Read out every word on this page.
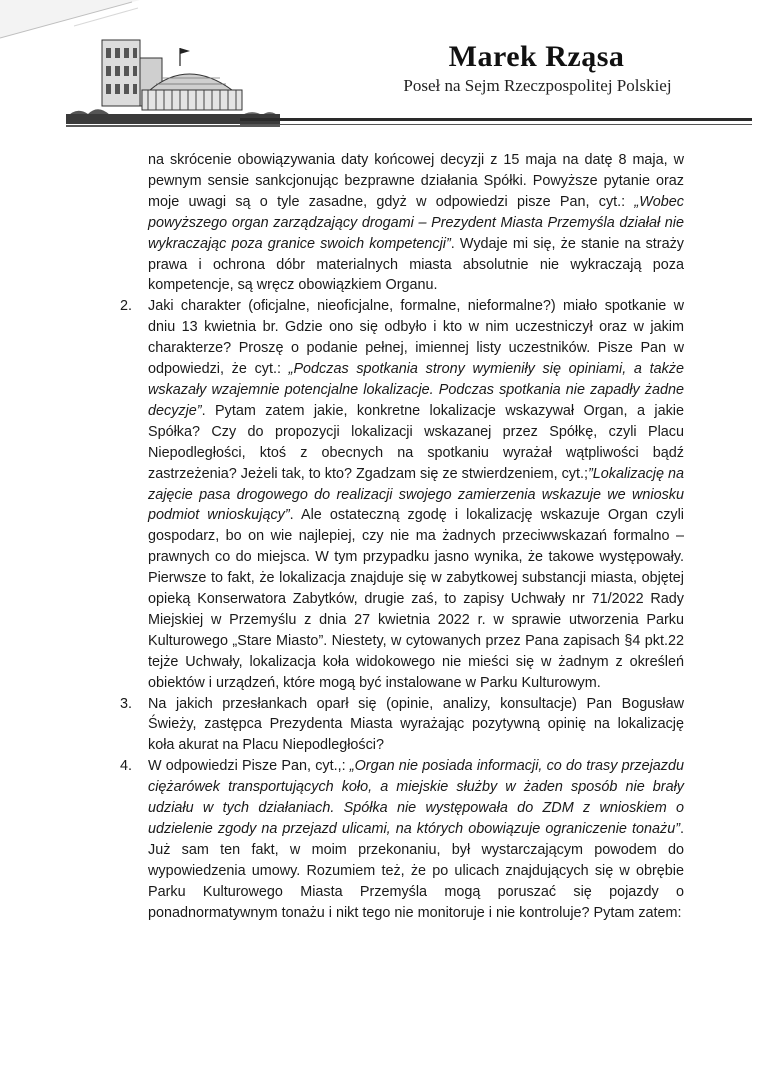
Marek Rząsa
Poseł na Sejm Rzeczpospolitej Polskiej

na skrócenie obowiązywania daty końcowej decyzji z 15 maja na datę 8 maja, w pewnym sensie sankcjonując bezprawne działania Spółki. Powyższe pytanie oraz moje uwagi są o tyle zasadne, gdyż w odpowiedzi pisze Pan, cyt.: „Wobec powyższego organ zarządzający drogami – Prezydent Miasta Przemyśla działał nie wykraczając poza granice swoich kompetencji”. Wydaje mi się, że stanie na straży prawa i ochrona dóbr materialnych miasta absolutnie nie wykraczają poza kompetencje, są wręcz obowiązkiem Organu.

2. Jaki charakter (oficjalne, nieoficjalne, formalne, nieformalne?) miało spotkanie w dniu 13 kwietnia br. Gdzie ono się odbyło i kto w nim uczestniczył oraz w jakim charakterze? Proszę o podanie pełnej, imiennej listy uczestników. Pisze Pan w odpowiedzi, że cyt.: „Podczas spotkania strony wymieniły się opiniami, a także wskazały wzajemnie potencjalne lokalizacje. Podczas spotkania nie zapadły żadne decyzje”. Pytam zatem jakie, konkretne lokalizacje wskazywał Organ, a jakie Spółka? Czy do propozycji lokalizacji wskazanej przez Spółkę, czyli Placu Niepodległości, ktoś z obecnych na spotkaniu wyrażał wątpliwości bądź zastrzeżenia? Jeżeli tak, to kto? Zgadzam się ze stwierdzeniem, cyt.;”Lokalizację na zajęcie pasa drogowego do realizacji swojego zamierzenia wskazuje we wniosku podmiot wnioskujący”. Ale ostateczną zgodę i lokalizację wskazuje Organ czyli gospodarz, bo on wie najlepiej, czy nie ma żadnych przeciwwskazań formalno – prawnych co do miejsca. W tym przypadku jasno wynika, że takowe występowały. Pierwsze to fakt, że lokalizacja znajduje się w zabytkowej substancji miasta, objętej opieką Konserwatora Zabytków, drugie zaś, to zapisy Uchwały nr 71/2022 Rady Miejskiej w Przemyślu z dnia 27 kwietnia 2022 r. w sprawie utworzenia Parku Kulturowego „Stare Miasto”. Niestety, w cytowanych przez Pana zapisach §4 pkt.22 tejże Uchwały, lokalizacja koła widokowego nie mieści się w żadnym z określeń obiektów i urządzeń, które mogą być instalowane w Parku Kulturowym.

3. Na jakich przesłankach oparł się (opinie, analizy, konsultacje) Pan Bogusław Świeży, zastępca Prezydenta Miasta wyrażając pozytywną opinię na lokalizację koła akurat na Placu Niepodległości?

4. W odpowiedzi Pisze Pan, cyt.,: „Organ nie posiada informacji, co do trasy przejazdu ciężarówek transportujących koło, a miejskie służby w żaden sposób nie brały udziału w tych działaniach. Spółka nie występowała do ZDM z wnioskiem o udzielenie zgody na przejazd ulicami, na których obowiązuje ograniczenie tonażu”. Już sam ten fakt, w moim przekonaniu, był wystarczającym powodem do wypowiedzenia umowy. Rozumiem też, że po ulicach znajdujących się w obrębie Parku Kulturowego Miasta Przemyśla mogą poruszać się pojazdy o ponadnormatywnym tonażu i nikt tego nie monitoruje i nie kontroluje? Pytam zatem:
